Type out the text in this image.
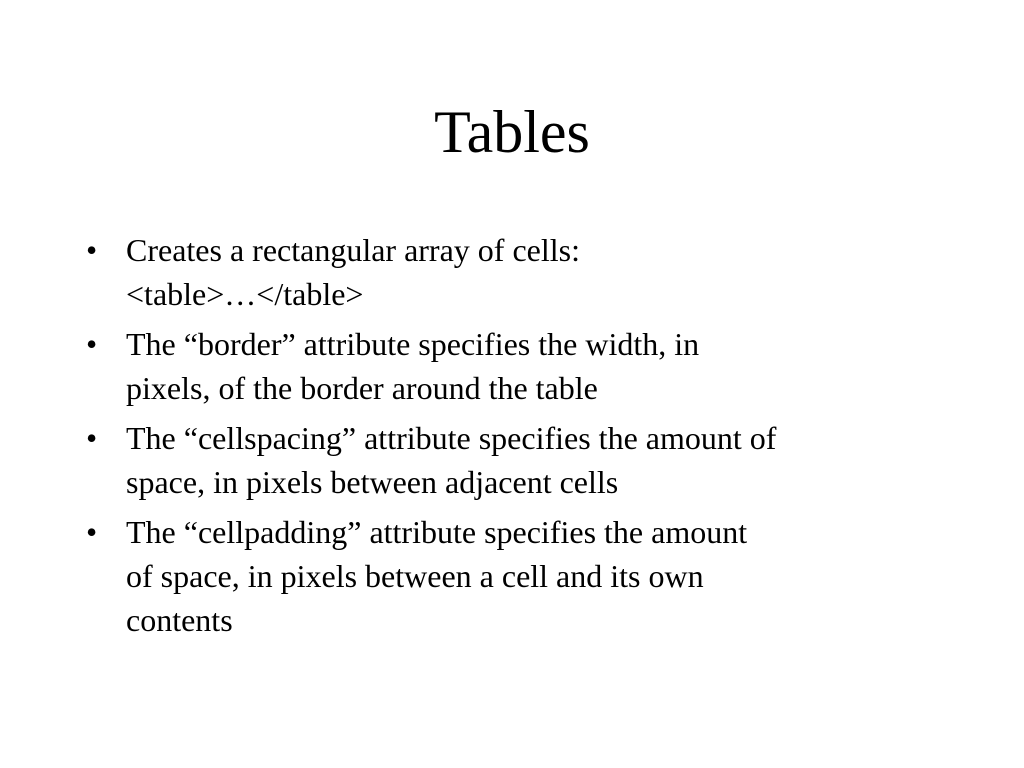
Tables
• Creates a rectangular array of cells:
<table>…</table>
• The “border” attribute specifies the width, in
pixels, of the border around the table
• The “cellspacing” attribute specifies the amount of
space, in pixels between adjacent cells
• The “cellpadding” attribute specifies the amount
of space, in pixels between a cell and its own
contents
